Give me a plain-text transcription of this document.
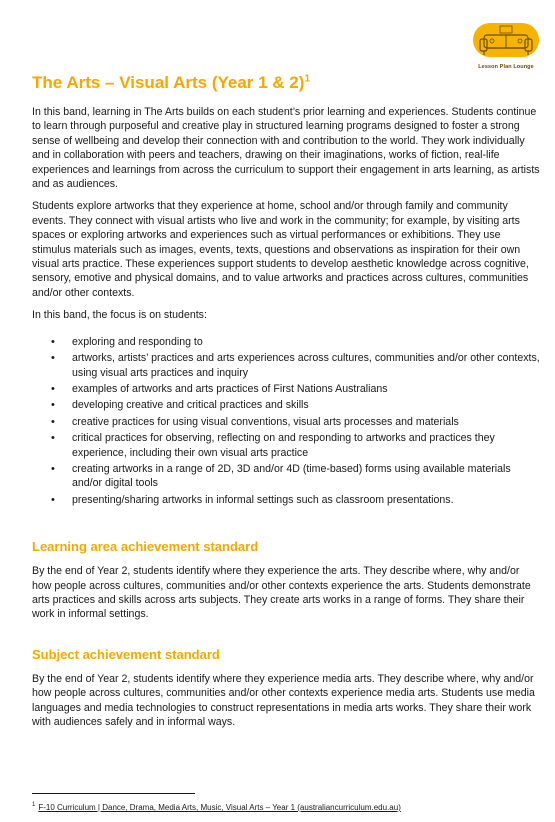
Lesson Plan Lounge
The Arts – Visual Arts (Year 1 & 2)$^1$

In this band, learning in The Arts builds on each student’s prior learning and experiences. Students continue to learn through purposeful and creative play in structured learning programs designed to foster a strong sense of wellbeing and develop their connection with and contribution to the world. They work individually and in collaboration with peers and teachers, drawing on their imaginations, works of fiction, real-life experiences and learnings from across the curriculum to support their engagement in arts learning, as artists and as audiences.

Students explore artworks that they experience at home, school and/or through family and community events. They connect with visual artists who live and work in the community; for example, by visiting arts spaces or exploring artworks and experiences such as virtual performances or exhibitions. They use stimulus materials such as images, events, texts, questions and observations as inspiration for their own visual arts practice. These experiences support students to develop aesthetic knowledge across cognitive, sensory, emotive and physical domains, and to value artworks and practices across cultures, communities and/or other contexts.

In this band, the focus is on students:

• exploring and responding to
• artworks, artists’ practices and arts experiences across cultures, communities and/or other contexts, using visual arts practices and inquiry
• examples of artworks and arts practices of First Nations Australians
• developing creative and critical practices and skills
• creative practices for using visual conventions, visual arts processes and materials
• critical practices for observing, reflecting on and responding to artworks and practices they experience, including their own visual arts practice
• creating artworks in a range of 2D, 3D and/or 4D (time-based) forms using available materials and/or digital tools
• presenting/sharing artworks in informal settings such as classroom presentations.
Learning area achievement standard

By the end of Year 2, students identify where they experience the arts. They describe where, why and/or how people across cultures, communities and/or other contexts experience the arts. Students demonstrate arts practices and skills across arts subjects. They create arts works in a range of forms. They share their work in informal settings.

Subject achievement standard

By the end of Year 2, students identify where they experience media arts. They describe where, why and/or how people across cultures, communities and/or other contexts experience media arts. Students use media languages and media technologies to construct representations in media arts works. They share their work with audiences safely and in informal ways.

$^1$ F-10 Curriculum | Dance, Drama, Media Arts, Music, Visual Arts – Year 1 (australiancurriculum.edu.au)
